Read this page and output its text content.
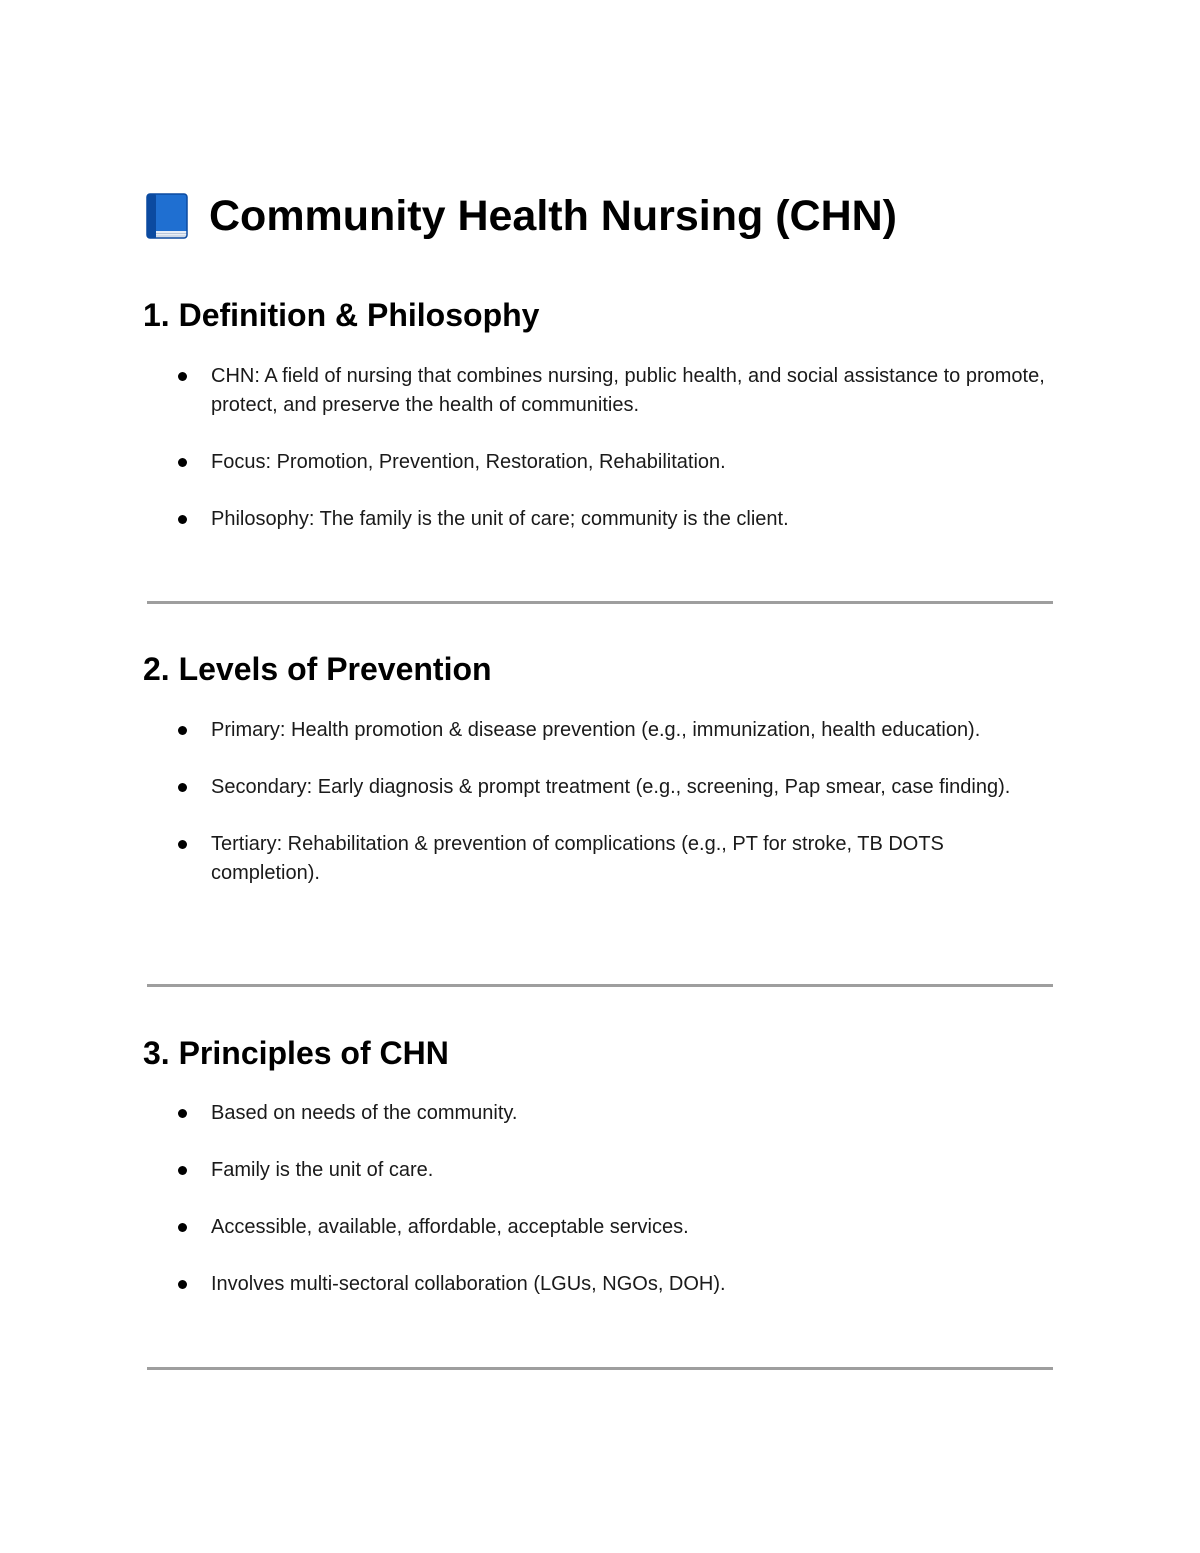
Community Health Nursing (CHN)
1. Definition & Philosophy
CHN: A field of nursing that combines nursing, public health, and social assistance to promote, protect, and preserve the health of communities.
Focus: Promotion, Prevention, Restoration, Rehabilitation.
Philosophy: The family is the unit of care; community is the client.
2. Levels of Prevention
Primary: Health promotion & disease prevention (e.g., immunization, health education).
Secondary: Early diagnosis & prompt treatment (e.g., screening, Pap smear, case finding).
Tertiary: Rehabilitation & prevention of complications (e.g., PT for stroke, TB DOTS completion).
3. Principles of CHN
Based on needs of the community.
Family is the unit of care.
Accessible, available, affordable, acceptable services.
Involves multi-sectoral collaboration (LGUs, NGOs, DOH).
